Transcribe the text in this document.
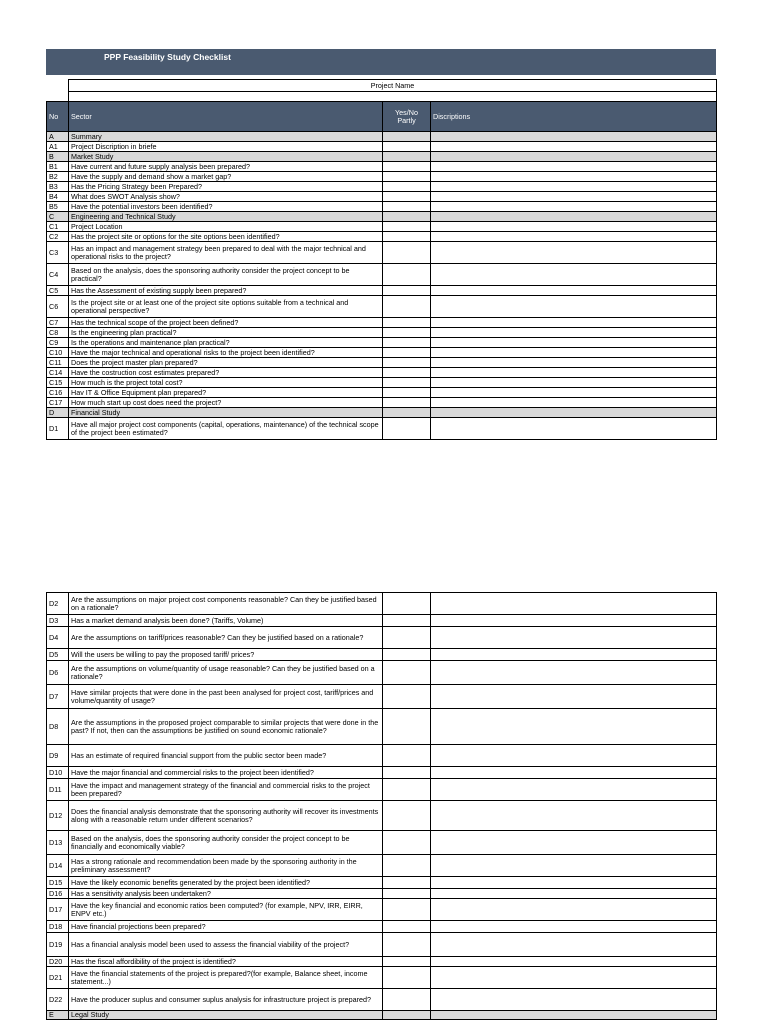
PPP Feasibility Study Checklist
	Project Name		

No	Sector	Yes/No Partly	Discriptions
A	Summary		
A1	Project Discription in briefe		
B	Market Study		
B1	Have current and future supply analysis been prepared?		
B2	Have the supply and demand show a market gap?		
B3	Has the Pricing Strategy been Prepared?		
B4	What does SWOT Analysis show?		
B5	Have the potential investors been identified?		
C	Engineering and Technical Study		
C1	Project Location		
C2	Has the project site or options for the site options been identified?		
C3	Has an impact and management strategy been prepared to deal with the major technical and operational risks to the project?		
C4	Based on the analysis, does the sponsoring authority consider the project concept to be practical?		
C5	Has the Assessment of existing supply been prepared?		
C6	Is the project site or at least one of the project site options suitable from a technical and operational perspective?		
C7	Has the technical scope of the project been defined?		
C8	Is the engineering plan practical?		
C9	Is the operations and maintenance plan practical?		
C10	Have the major technical and operational risks to the project been identified?		
C11	Does the project master plan prepared?		
C14	Have the costruction cost estimates prepared?		
C15	How much is the project total cost?		
C16	Hav IT & Office Equipment plan prepared?		
C17	How much start up cost does need the project?		
D	Financial Study		
D1	Have all major project cost components (capital, operations, maintenance) of the technical scope of the project been estimated?		
D2	Are the assumptions on major project cost components reasonable? Can they be justified based on a rationale?		
D3	Has a market demand analysis been done? (Tariffs, Volume)		
D4	Are the assumptions on tariff/prices reasonable? Can they be justified based on a rationale?		
D5	Will the users be willing to pay the proposed tariff/ prices?		
D6	Are the assumptions on volume/quantity of usage reasonable? Can they be justified based on a rationale?		
D7	Have similar projects that were done in the past been analysed for project cost, tariff/prices and volume/quantity of usage?		
D8	Are the assumptions in the proposed project comparable to similar projects that were done in the past? If not, then can the assumptions be justified on sound economic rationale?		
D9	Has an estimate of required financial support from the public sector been made?		
D10	Have the major financial and commercial risks to the project been identified?		
D11	Have the impact and management strategy of the financial and commercial risks to the project been prepared?		
D12	Does the financial analysis demonstrate that the sponsoring authority will recover its investments along with a reasonable return under different scenarios?		
D13	Based on the analysis, does the sponsoring authority consider the project concept to be financially and economically viable?		
D14	Has a strong rationale and recommendation been made by the sponsoring authority in the preliminary assessment?		
D15	Have the likely economic benefits generated by the project been identified?		
D16	Has a sensitivity analysis been undertaken?		
D17	Have the key financial and economic ratios been computed? (for example, NPV, IRR, EIRR, ENPV etc.)		
D18	Have financial projections been prepared?		
D19	Has a financial analysis model been used to assess the financial viability of the project?		
D20	Has the fiscal affordibility of the project is identified?		
D21	Have the financial statements of the project is prepared?(for example, Balance sheet, income statement...)		
D22	Have the producer suplus and consumer suplus analysis for infrastructure project is prepared?		
E	Legal Study		
